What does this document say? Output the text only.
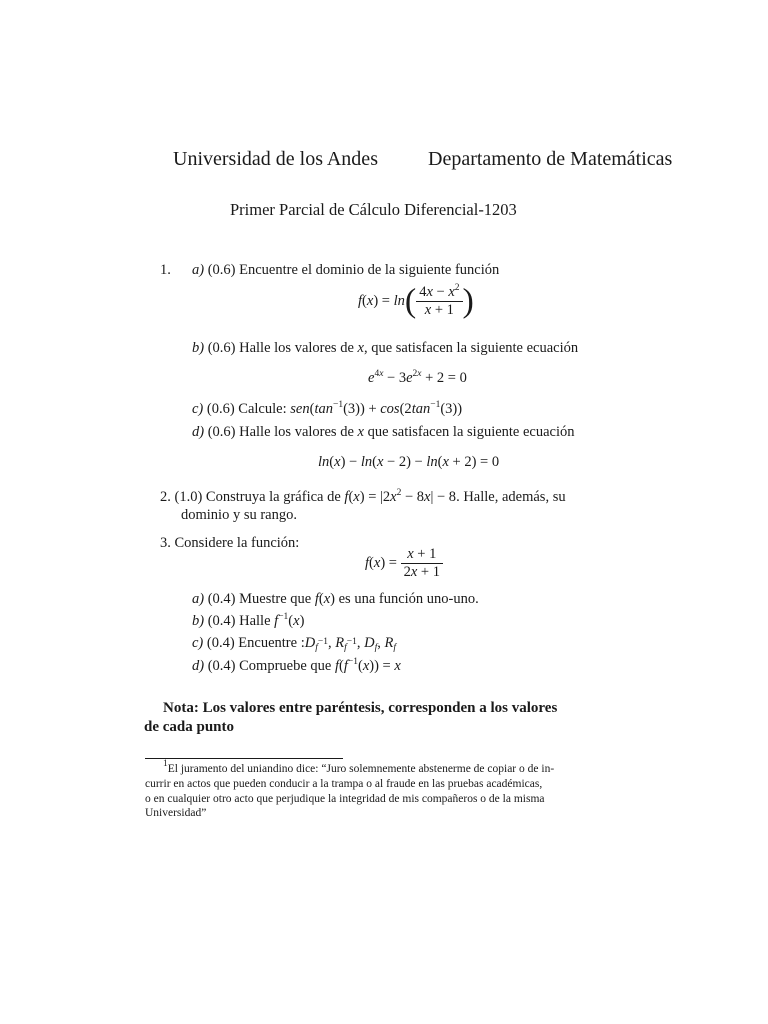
Universidad de los Andes	Departamento de Matemáticas
Primer Parcial de Cálculo Diferencial-1203
1. a) (0.6) Encuentre el dominio de la siguiente función
$f(x) = \ln( \frac{4x - x^2}{x + 1}$ )
b) (0.6) Halle los valores de x, que satisfacen la siguiente ecuación
$e^{4x} - 3e^{2x} + 2 = 0$
c) (0.6) Calcule: $sen(\tan^{-1}(3)) + \cos(2\tan^{-1}(3))$
d) (0.6) Halle los valores de x que satisfacen la siguiente ecuación
ln(x) − ln(x − 2) − ln(x + 2) = 0
2. (1.0) Construya la gráfica de $f(x) = |2x^2 - 8x| - 8$. Halle, además, su
dominio y su rango.
3. Considere la función:
$f(x) = \frac{x + 1}{2x + 1}$
a) (0.4) Muestre que f(x) es una función uno-uno.
b) (0.4) Halle $f^{-1}(x)$
c) (0.4) Encuentre $:D_{f^{-1}}$, $R_{f^{-1}}$, $D_f$, $R_f$
d) (0.4) Compruebe que $f(f^{-1}(x)) = x$
Nota: Los valores entre paréntesis, corresponden a los valores
de cada punto
$^1$El juramento del uniandino dice: “Juro solemnemente abstenerme de copiar o de in-
currir en actos que pueden conducir a la trampa o al fraude en las pruebas académicas,
o en cualquier otro acto que perjudique la integridad de mis compañeros o de la misma
Universidad”
